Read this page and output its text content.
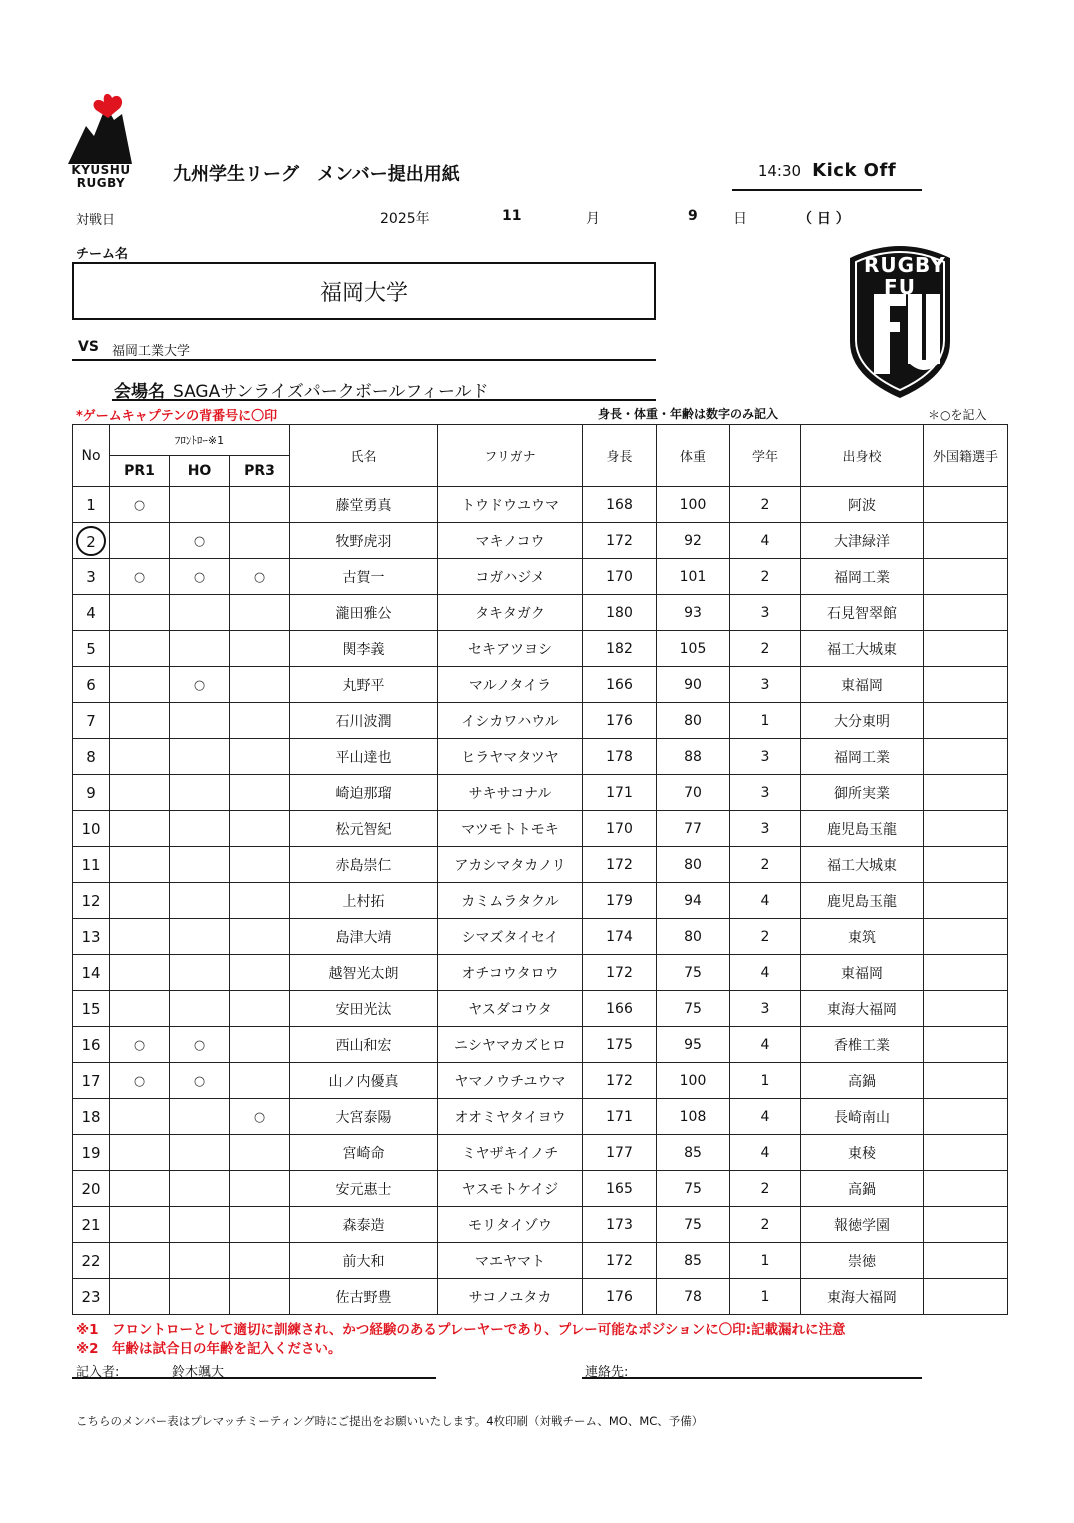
KYUSHU
RUGBY	九州学生リーグ　メンバー提出用紙	14:30 Kick Off
対戦日	2025年	11	月	9	日	（ 日 ）
チーム名
福岡大学
RUGBY FU
VS 福岡工業大学
会場名 SAGAサンライズパークボールフィールド
*ゲームキャプテンの背番号に〇印	身長・体重・年齢は数字のみ記入	＊○を記入
No	ﾌﾛﾝﾄﾛｰ※1			氏名	フリガナ	身長	体重	学年	出身校	外国籍選手
	PR1	HO	PR3							
1	○			藤堂勇真	トウドウユウマ	168	100	2	阿波	
2		○		牧野虎羽	マキノコウ	172	92	4	大津緑洋	
3	○	○	○	古賀一	コガハジメ	170	101	2	福岡工業	
4				瀧田雅公	タキタガク	180	93	3	石見智翠館	
5				関李義	セキアツヨシ	182	105	2	福工大城東	
6		○		丸野平	マルノタイラ	166	90	3	東福岡	
7				石川波潤	イシカワハウル	176	80	1	大分東明	
8				平山達也	ヒラヤマタツヤ	178	88	3	福岡工業	
9				崎迫那瑠	サキサコナル	171	70	3	御所実業	
10				松元智紀	マツモトトモキ	170	77	3	鹿児島玉龍	
11				赤島崇仁	アカシマタカノリ	172	80	2	福工大城東	
12				上村拓	カミムラタクル	179	94	4	鹿児島玉龍	
13				島津大靖	シマズタイセイ	174	80	2	東筑	
14				越智光太朗	オチコウタロウ	172	75	4	東福岡	
15				安田光汰	ヤスダコウタ	166	75	3	東海大福岡	
16	○	○		西山和宏	ニシヤマカズヒロ	175	95	4	香椎工業	
17	○	○		山ノ内優真	ヤマノウチユウマ	172	100	1	高鍋	
18			○	大宮泰陽	オオミヤタイヨウ	171	108	4	長崎南山	
19				宮崎命	ミヤザキイノチ	177	85	4	東稜	
20				安元惠士	ヤスモトケイジ	165	75	2	高鍋	
21				森泰造	モリタイゾウ	173	75	2	報徳学園	
22				前大和	マエヤマト	172	85	1	崇徳	
23				佐古野豊	サコノユタカ	176	78	1	東海大福岡	
※1　フロントローとして適切に訓練され、かつ経験のあるプレーヤーであり、プレー可能なポジションに〇印:記載漏れに注意
※2　年齢は試合日の年齢を記入ください。
記入者:	鈴木颯大	連絡先:
こちらのメンバー表はプレマッチミーティング時にご提出をお願いいたします。4枚印刷（対戦チーム、MO、MC、予備）
